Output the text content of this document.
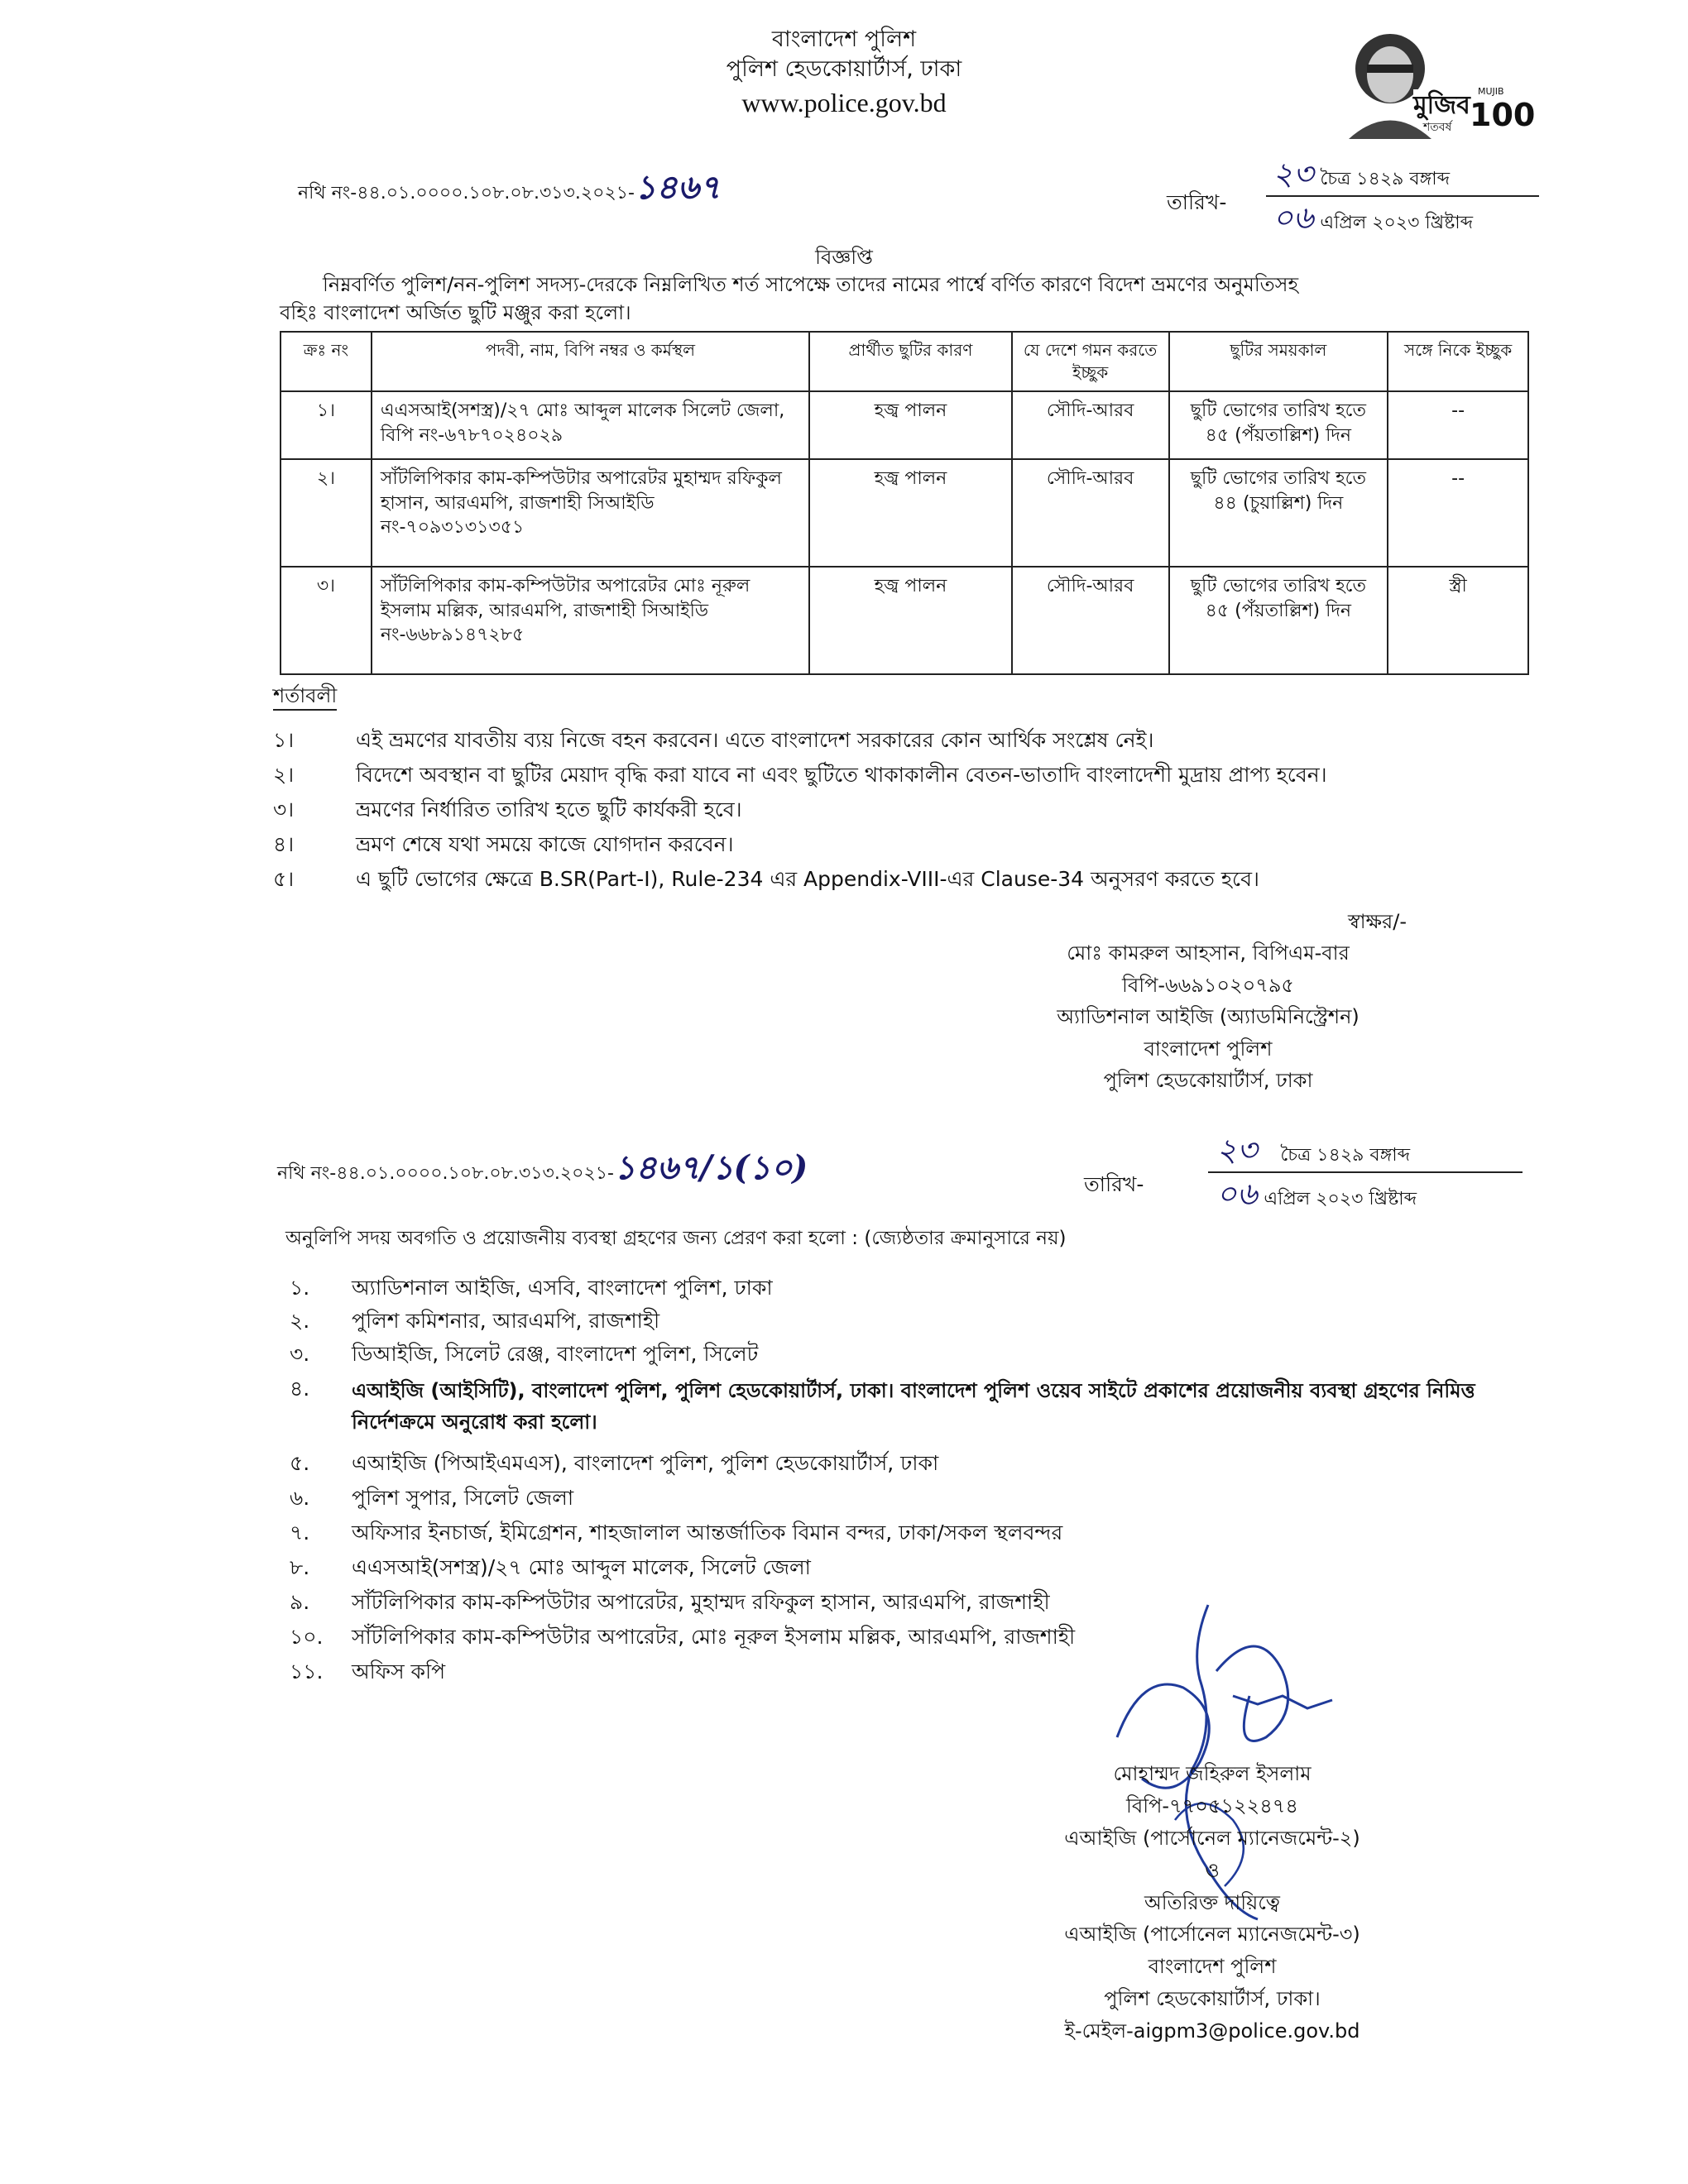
বাংলাদেশ পুলিশ
পুলিশ হেডকোয়ার্টার্স, ঢাকা
www.police.gov.bd	মুজিব
শতবর্ষ
MUJIB
100
নথি নং-৪৪.০১.০০০০.১০৮.০৮.৩১৩.২০২১-১৪৬৭	তারিখ-
২৩ চৈত্র ১৪২৯ বঙ্গাব্দ
০৬ এপ্রিল ২০২৩ খ্রিষ্টাব্দ
বিজ্ঞপ্তি
নিম্নবর্ণিত পুলিশ/নন-পুলিশ সদস্য-দেরকে নিম্নলিখিত শর্ত সাপেক্ষে তাদের নামের পার্শ্বে বর্ণিত কারণে বিদেশ ভ্রমণের অনুমতিসহ
বহিঃ বাংলাদেশ অর্জিত ছুটি মঞ্জুর করা হলো।
ক্রঃ নং	পদবী, নাম, বিপি নম্বর ও কর্মস্থল	প্রার্থীত ছুটির কারণ	যে দেশে গমন করতে ইচ্ছুক	ছুটির সময়কাল	সঙ্গে নিকে ইচ্ছুক
১।	এএসআই(সশস্ত্র)/২৭ মোঃ আব্দুল মালেক সিলেট জেলা, বিপি নং-৬৭৮৭০২৪০২৯	হজ্ব পালন	সৌদি-আরব	ছুটি ভোগের তারিখ হতে ৪৫ (পঁয়তাল্লিশ) দিন	--
২।	সাঁটলিপিকার কাম-কম্পিউটার অপারেটর মুহাম্মদ রফিকুল হাসান, আরএমপি, রাজশাহী সিআইডি নং-৭০৯৩১৩১৩৫১	হজ্ব পালন	সৌদি-আরব	ছুটি ভোগের তারিখ হতে ৪৪ (চুয়াল্লিশ) দিন	--
৩।	সাঁটলিপিকার কাম-কম্পিউটার অপারেটর মোঃ নূরুল ইসলাম মল্লিক, আরএমপি, রাজশাহী সিআইডি নং-৬৬৮৯১৪৭২৮৫	হজ্ব পালন	সৌদি-আরব	ছুটি ভোগের তারিখ হতে ৪৫ (পঁয়তাল্লিশ) দিন	স্ত্রী
শর্তাবলী
১।	এই ভ্রমণের যাবতীয় ব্যয় নিজে বহন করবেন। এতে বাংলাদেশ সরকারের কোন আর্থিক সংশ্লেষ নেই।
২।	বিদেশে অবস্থান বা ছুটির মেয়াদ বৃদ্ধি করা যাবে না এবং ছুটিতে থাকাকালীন বেতন-ভাতাদি বাংলাদেশী মুদ্রায় প্রাপ্য হবেন।
৩।	ভ্রমণের নির্ধারিত তারিখ হতে ছুটি কার্যকরী হবে।
৪।	ভ্রমণ শেষে যথা সময়ে কাজে যোগদান করবেন।
৫।	এ ছুটি ভোগের ক্ষেত্রে B.SR(Part-I), Rule-234 এর Appendix-VIII-এর Clause-34 অনুসরণ করতে হবে।
স্বাক্ষর/-
মোঃ কামরুল আহসান, বিপিএম-বার
বিপি-৬৬৯১০২০৭৯৫
অ্যাডিশনাল আইজি (অ্যাডমিনিস্ট্রেশন)
বাংলাদেশ পুলিশ
পুলিশ হেডকোয়ার্টার্স, ঢাকা
নথি নং-৪৪.০১.০০০০.১০৮.০৮.৩১৩.২০২১-১৪৬৭/১(১০)	তারিখ-
২৩ চৈত্র ১৪২৯ বঙ্গাব্দ
০৬ এপ্রিল ২০২৩ খ্রিষ্টাব্দ
অনুলিপি সদয় অবগতি ও প্রয়োজনীয় ব্যবস্থা গ্রহণের জন্য প্রেরণ করা হলো : (জ্যেষ্ঠতার ক্রমানুসারে নয়)
১.	অ্যাডিশনাল আইজি, এসবি, বাংলাদেশ পুলিশ, ঢাকা
২.	পুলিশ কমিশনার, আরএমপি, রাজশাহী
৩.	ডিআইজি, সিলেট রেঞ্জ, বাংলাদেশ পুলিশ, সিলেট
৪.	এআইজি (আইসিটি), বাংলাদেশ পুলিশ, পুলিশ হেডকোয়ার্টার্স, ঢাকা। বাংলাদেশ পুলিশ ওয়েব সাইটে প্রকাশের প্রয়োজনীয় ব্যবস্থা গ্রহণের নিমিত্ত নির্দেশক্রমে অনুরোধ করা হলো।
৫.	এআইজি (পিআইএমএস), বাংলাদেশ পুলিশ, পুলিশ হেডকোয়ার্টার্স, ঢাকা
৬.	পুলিশ সুপার, সিলেট জেলা
৭.	অফিসার ইনচার্জ, ইমিগ্রেশন, শাহজালাল আন্তর্জাতিক বিমান বন্দর, ঢাকা/সকল স্থলবন্দর
৮.	এএসআই(সশস্ত্র)/২৭ মোঃ আব্দুল মালেক, সিলেট জেলা
৯.	সাঁটলিপিকার কাম-কম্পিউটার অপারেটর, মুহাম্মদ রফিকুল হাসান, আরএমপি, রাজশাহী
১০.	সাঁটলিপিকার কাম-কম্পিউটার অপারেটর, মোঃ নূরুল ইসলাম মল্লিক, আরএমপি, রাজশাহী
১১.	অফিস কপি
মোহাম্মদ জহিরুল ইসলাম
বিপি-৭৭০৫১২২৪৭৪
এআইজি (পার্সোনেল ম্যানেজমেন্ট-২)
ও
অতিরিক্ত দায়িত্বে
এআইজি (পার্সোনেল ম্যানেজমেন্ট-৩)
বাংলাদেশ পুলিশ
পুলিশ হেডকোয়ার্টার্স, ঢাকা।
ই-মেইল-aigpm3@police.gov.bd
